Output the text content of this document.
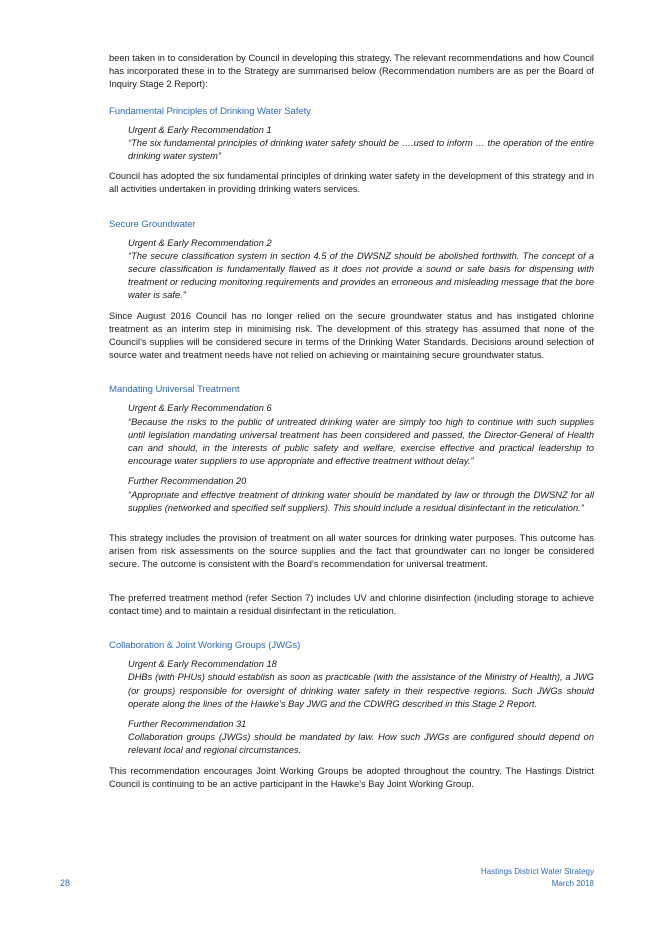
been taken in to consideration by Council in developing this strategy. The relevant recommendations and how Council has incorporated these in to the Strategy are summarised below (Recommendation numbers are as per the Board of Inquiry Stage 2 Report):

Fundamental Principles of Drinking Water Safety

Urgent & Early Recommendation 1

“The six fundamental principles of drinking water safety should be ….used to inform … the operation of the entire drinking water system”

Council has adopted the six fundamental principles of drinking water safety in the development of this strategy and in all activities undertaken in providing drinking waters services.

Secure Groundwater

Urgent & Early Recommendation 2

“The secure classification system in section 4.5 of the DWSNZ should be abolished forthwith. The concept of a secure classification is fundamentally flawed as it does not provide a sound or safe basis for dispensing with treatment or reducing monitoring requirements and provides an erroneous and misleading message that the bore water is safe.”

Since August 2016 Council has no longer relied on the secure groundwater status and has instigated chlorine treatment as an interim step in minimising risk. The development of this strategy has assumed that none of the Council’s supplies will be considered secure in terms of the Drinking Water Standards. Decisions around selection of source water and treatment needs have not relied on achieving or maintaining secure groundwater status.

Mandating Universal Treatment

Urgent & Early Recommendation 6

“Because the risks to the public of untreated drinking water are simply too high to continue with such supplies until legislation mandating universal treatment has been considered and passed, the Director-General of Health can and should, in the interests of public safety and welfare, exercise effective and practical leadership to encourage water suppliers to use appropriate and effective treatment without delay.”

Further Recommendation 20

“Appropriate and effective treatment of drinking water should be mandated by law or through the DWSNZ for all supplies (networked and specified self suppliers). This should include a residual disinfectant in the reticulation.”

This strategy includes the provision of treatment on all water sources for drinking water purposes. This outcome has arisen from risk assessments on the source supplies and the fact that groundwater can no longer be considered secure. The outcome is consistent with the Board’s recommendation for universal treatment.

The preferred treatment method (refer Section 7) includes UV and chlorine disinfection (including storage to achieve contact time) and to maintain a residual disinfectant in the reticulation.

Collaboration & Joint Working Groups (JWGs)

Urgent & Early Recommendation 18

DHBs (with PHUs) should establish as soon as practicable (with the assistance of the Ministry of Health), a JWG (or groups) responsible for oversight of drinking water safety in their respective regions. Such JWGs should operate along the lines of the Hawke’s Bay JWG and the CDWRG described in this Stage 2 Report.

Further Recommendation 31

Collaboration groups (JWGs) should be mandated by law. How such JWGs are configured should depend on relevant local and regional circumstances.

This recommendation encourages Joint Working Groups be adopted throughout the country. The Hastings District Council is continuing to be an active participant in the Hawke’s Bay Joint Working Group.

Hastings District Water Strategy
March 2018
28
